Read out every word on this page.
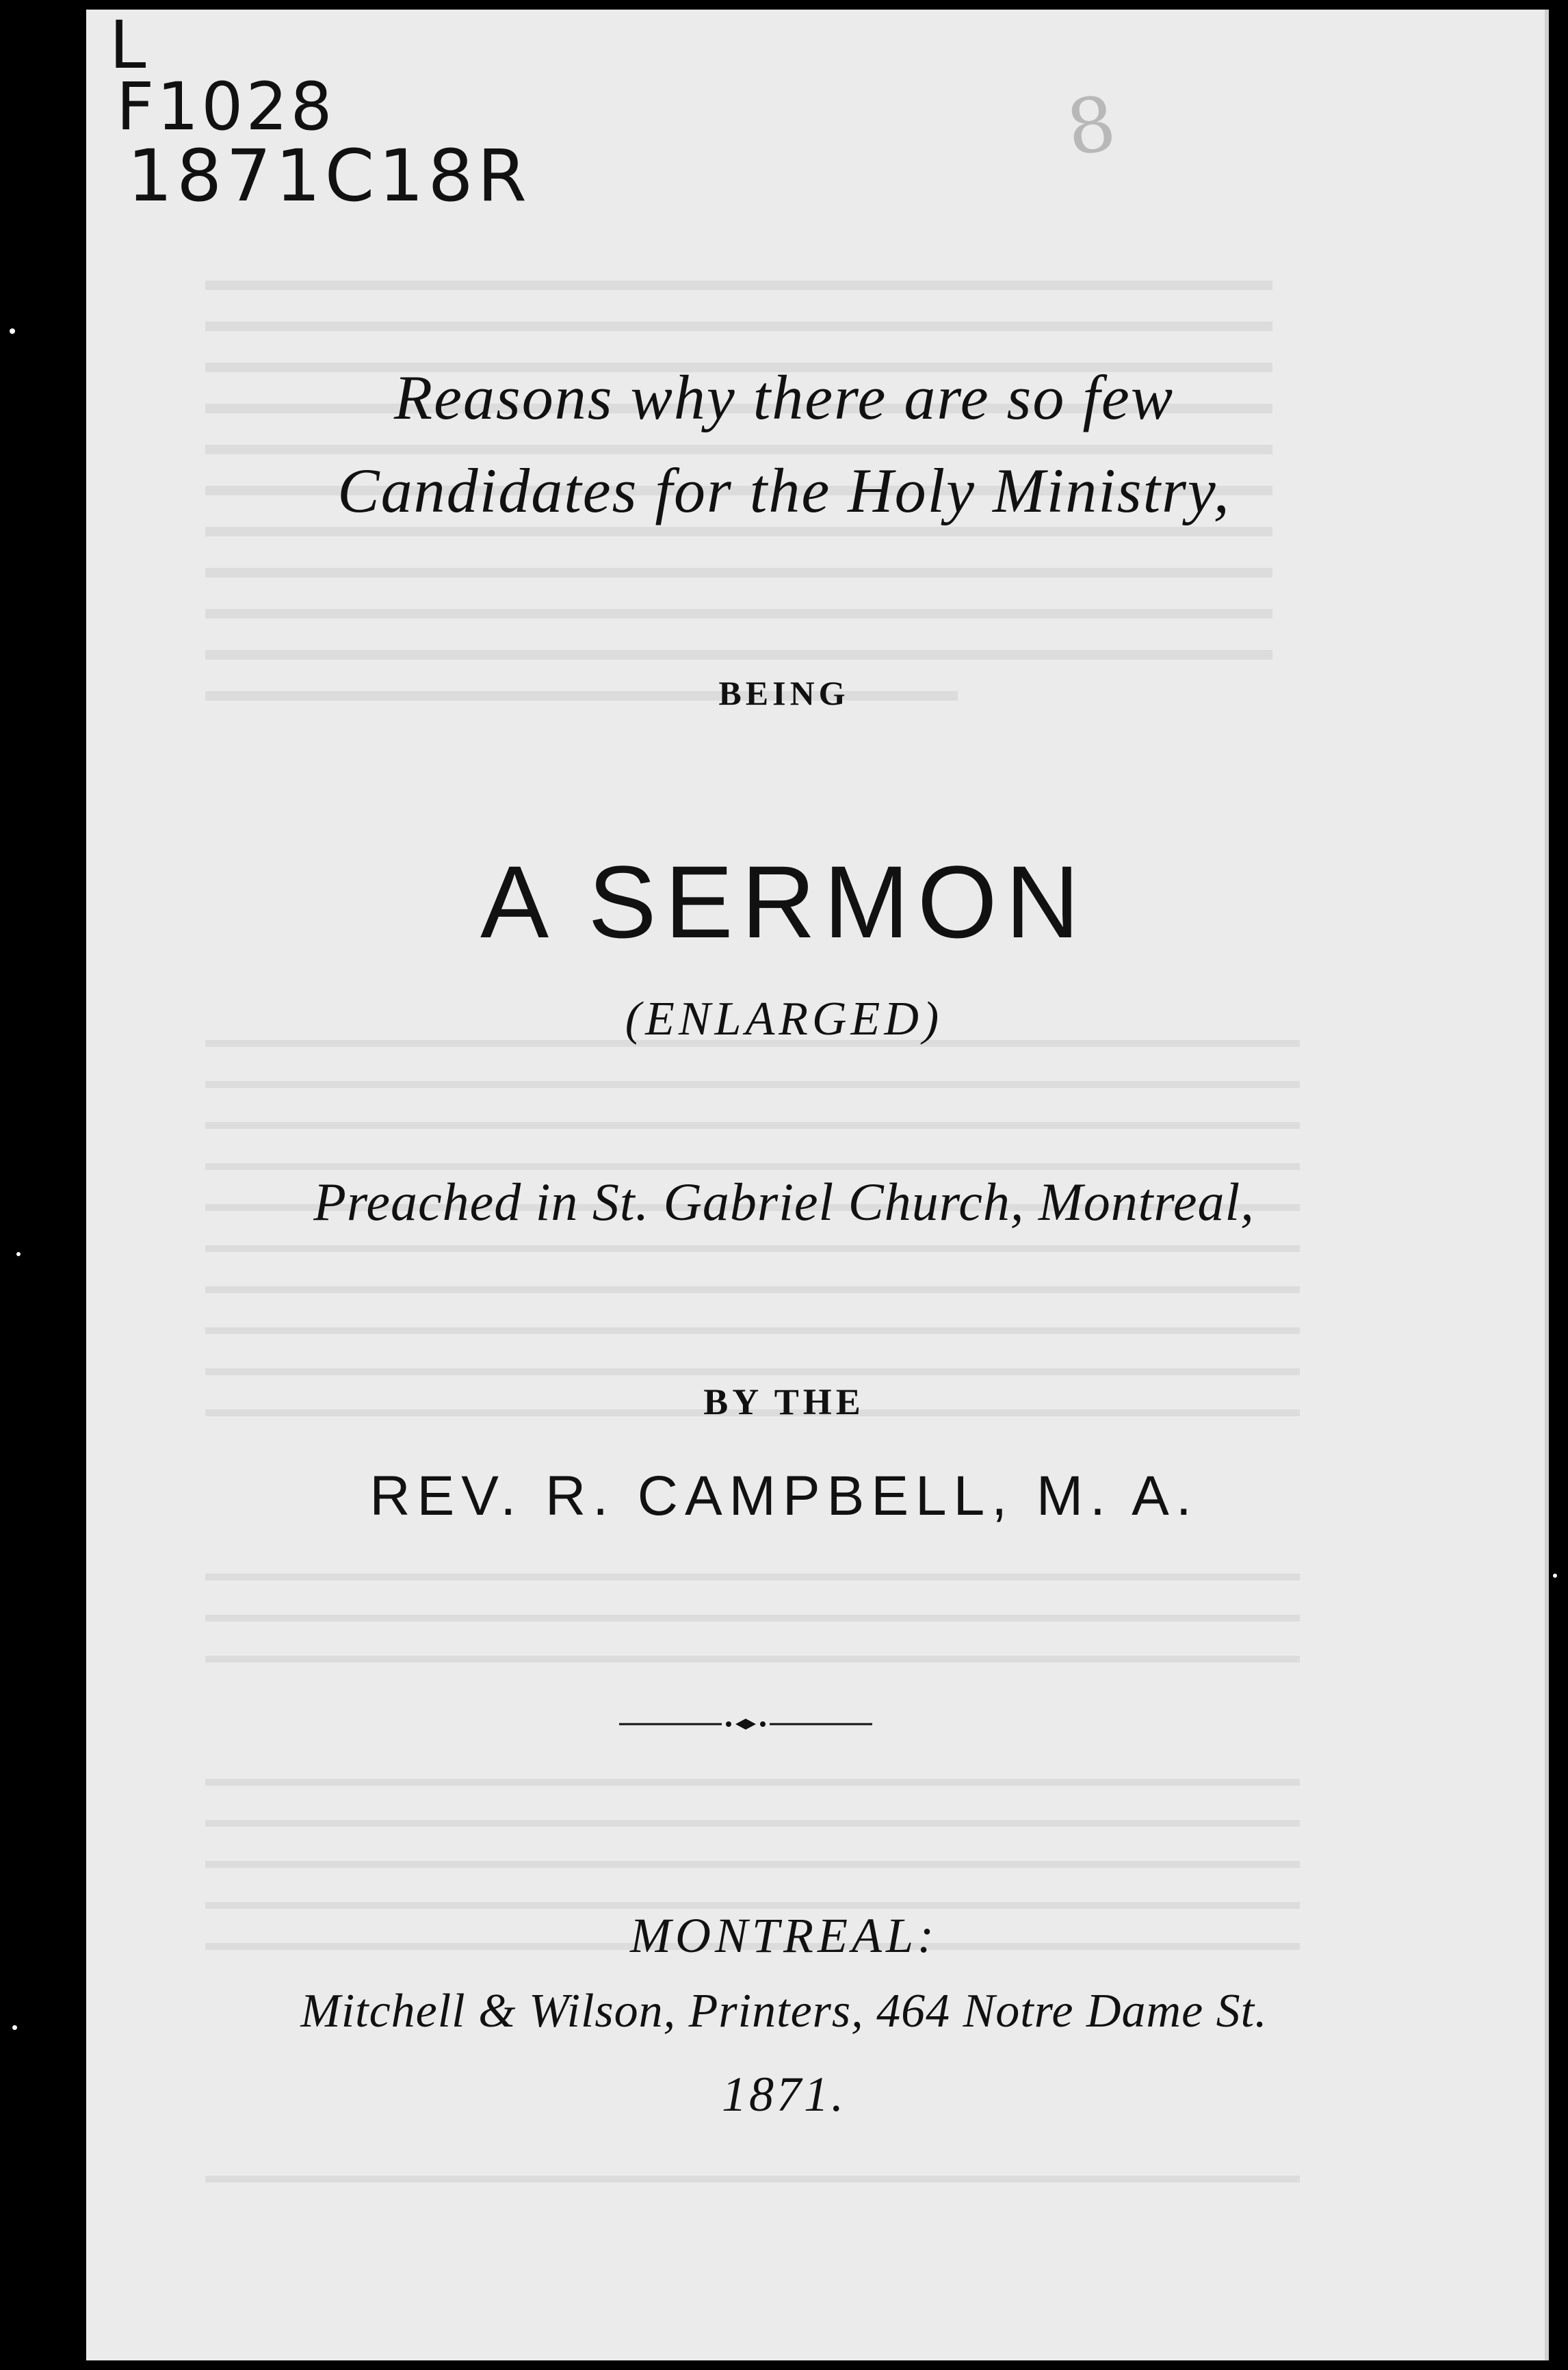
L
F1028
1871C18R
8
Reasons why there are so few
Candidates for the Holy Ministry,
BEING
A SERMON
(ENLARGED)
Preached in St. Gabriel Church, Montreal,
BY THE
REV. R. CAMPBELL, M. A.
MONTREAL:
Mitchell & Wilson, Printers, 464 Notre Dame St.
1871.
